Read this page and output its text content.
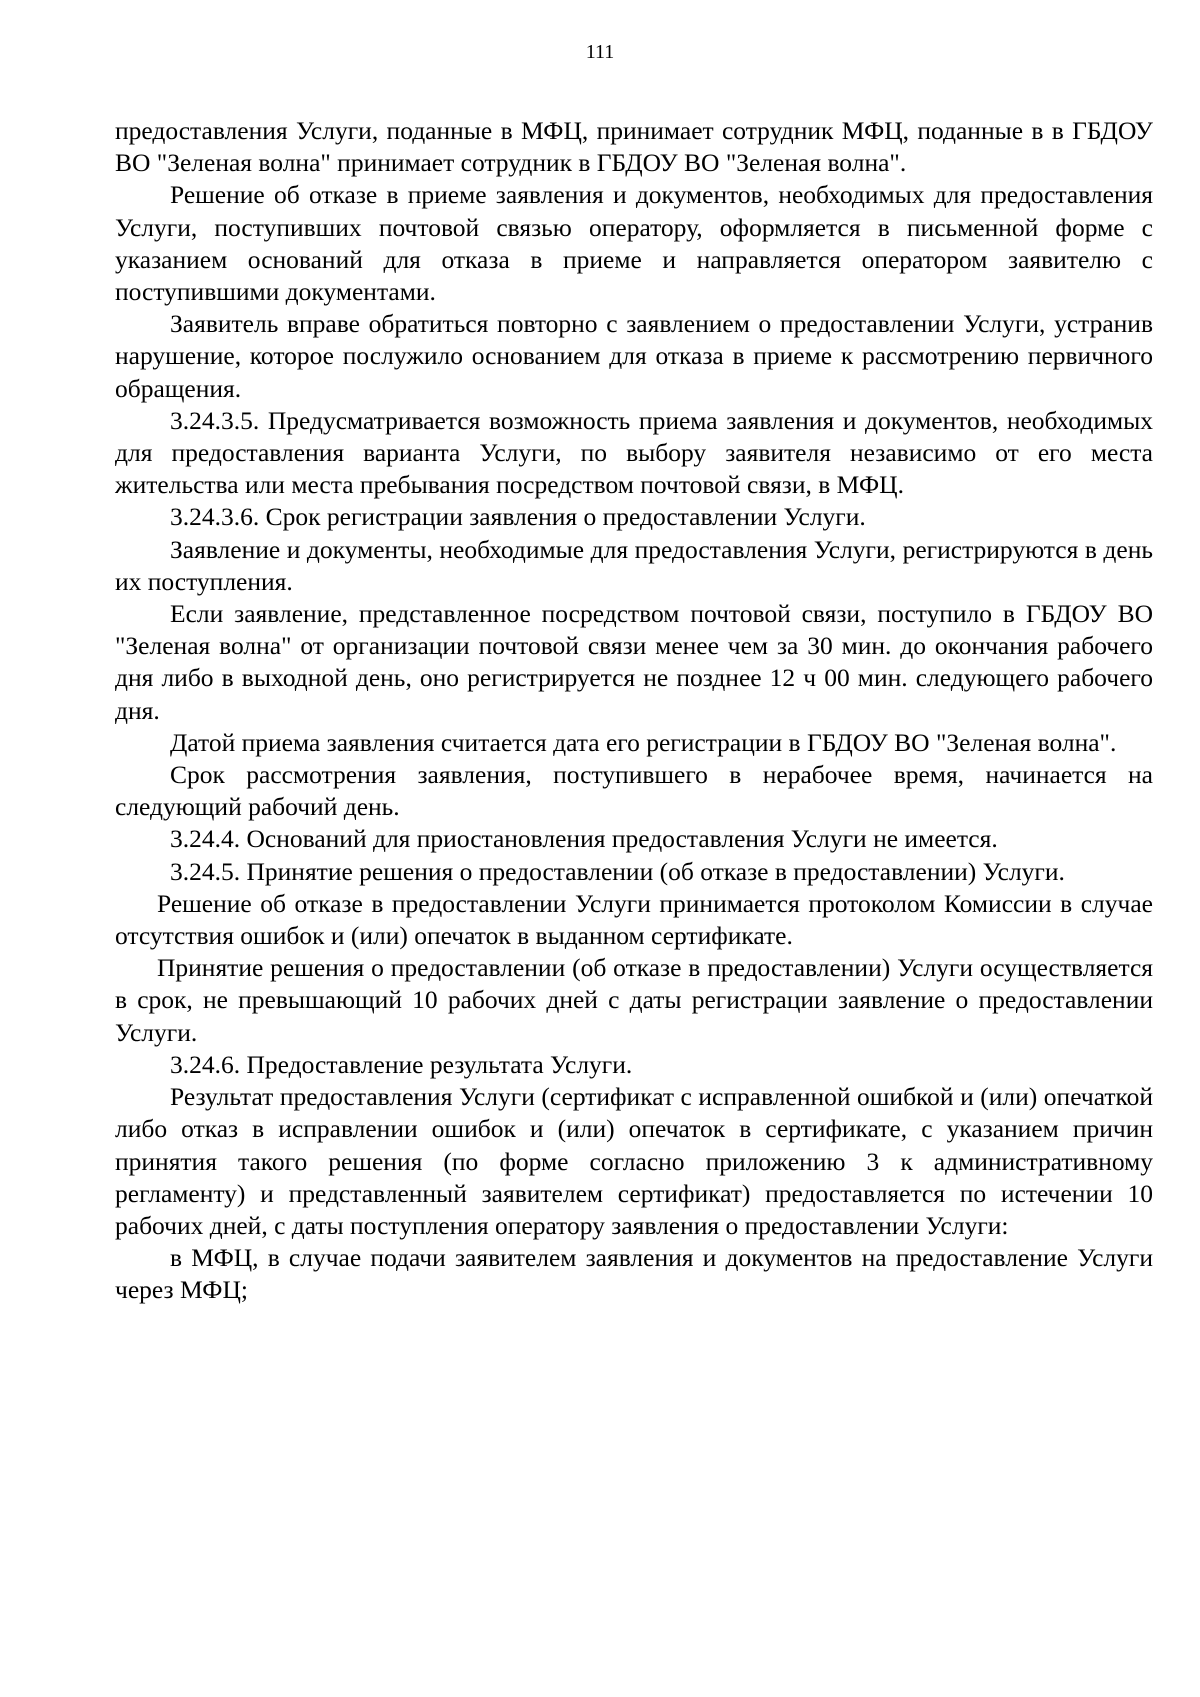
111

предоставления Услуги, поданные в МФЦ, принимает сотрудник МФЦ, поданные в в ГБДОУ ВО "Зеленая волна" принимает сотрудник в ГБДОУ ВО "Зеленая волна".

Решение об отказе в приеме заявления и документов, необходимых для предоставления Услуги, поступивших почтовой связью оператору, оформляется в письменной форме с указанием оснований для отказа в приеме и направляется оператором заявителю с поступившими документами.

Заявитель вправе обратиться повторно с заявлением о предоставлении Услуги, устранив нарушение, которое послужило основанием для отказа в приеме к рассмотрению первичного обращения.

3.24.3.5. Предусматривается возможность приема заявления и документов, необходимых для предоставления варианта Услуги, по выбору заявителя независимо от его места жительства или места пребывания посредством почтовой связи, в МФЦ.

3.24.3.6. Срок регистрации заявления о предоставлении Услуги.

Заявление и документы, необходимые для предоставления Услуги, регистрируются в день их поступления.

Если заявление, представленное посредством почтовой связи, поступило в ГБДОУ ВО "Зеленая волна" от организации почтовой связи менее чем за 30 мин. до окончания рабочего дня либо в выходной день, оно регистрируется не позднее 12 ч 00 мин. следующего рабочего дня.

Датой приема заявления считается дата его регистрации в ГБДОУ ВО "Зеленая волна".

Срок рассмотрения заявления, поступившего в нерабочее время, начинается на следующий рабочий день.

3.24.4. Оснований для приостановления предоставления Услуги не имеется.

3.24.5. Принятие решения о предоставлении (об отказе в предоставлении) Услуги.

Решение об отказе в предоставлении Услуги принимается протоколом Комиссии в случае отсутствия ошибок и (или) опечаток в выданном сертификате.

Принятие решения о предоставлении (об отказе в предоставлении) Услуги осуществляется в срок, не превышающий 10 рабочих дней с даты регистрации заявление о предоставлении Услуги.

3.24.6. Предоставление результата Услуги.

Результат предоставления Услуги (сертификат с исправленной ошибкой и (или) опечаткой либо отказ в исправлении ошибок и (или) опечаток в сертификате, с указанием причин принятия такого решения (по форме согласно приложению 3 к административному регламенту) и представленный заявителем сертификат) предоставляется по истечении 10 рабочих дней, с даты поступления оператору заявления о предоставлении Услуги:

в МФЦ, в случае подачи заявителем заявления и документов на предоставление Услуги через МФЦ;
